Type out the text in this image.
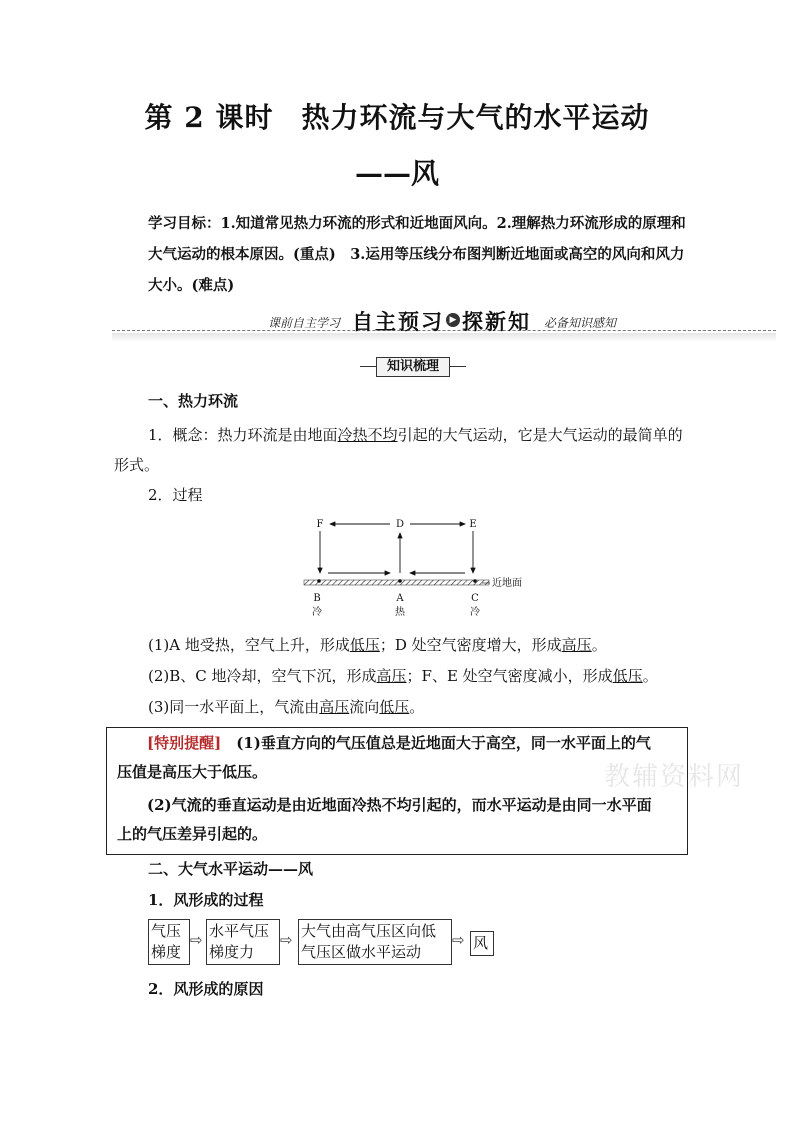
第 2 课时 热力环流与大气的水平运动
——风
学习目标：1.知道常见热力环流的形式和近地面风向。2.理解热力环流形成的原理和大气运动的根本原因。(重点)　3.运用等压线分布图判断近地面或高空的风向和风力大小。(难点)
课前自主学习 自主预习 ▶ 探新知 必备知识感知
知识梳理
一、热力环流
1．概念：热力环流是由地面冷热不均引起的大气运动，它是大气运动的最简单的形式。
2．过程
F	D	E
B	A	C
冷	热	冷
近地面
(1)A 地受热，空气上升，形成低压；D 处空气密度增大，形成高压。
(2)B、C 地冷却，空气下沉，形成高压；F、E 处空气密度减小，形成低压。
(3)同一水平面上，气流由高压流向低压。
教辅资料网
[特别提醒]　(1)垂直方向的气压值总是近地面大于高空，同一水平面上的气
压值是高压大于低压。
(2)气流的垂直运动是由近地面冷热不均引起的，而水平运动是由同一水平面
上的气压差异引起的。
二、大气水平运动——风
1．风形成的过程
气压
梯度
⇨ 水平气压
梯度力
⇨ 大气由高气压区向低
气压区做水平运动
⇨ 风
2．风形成的原因
